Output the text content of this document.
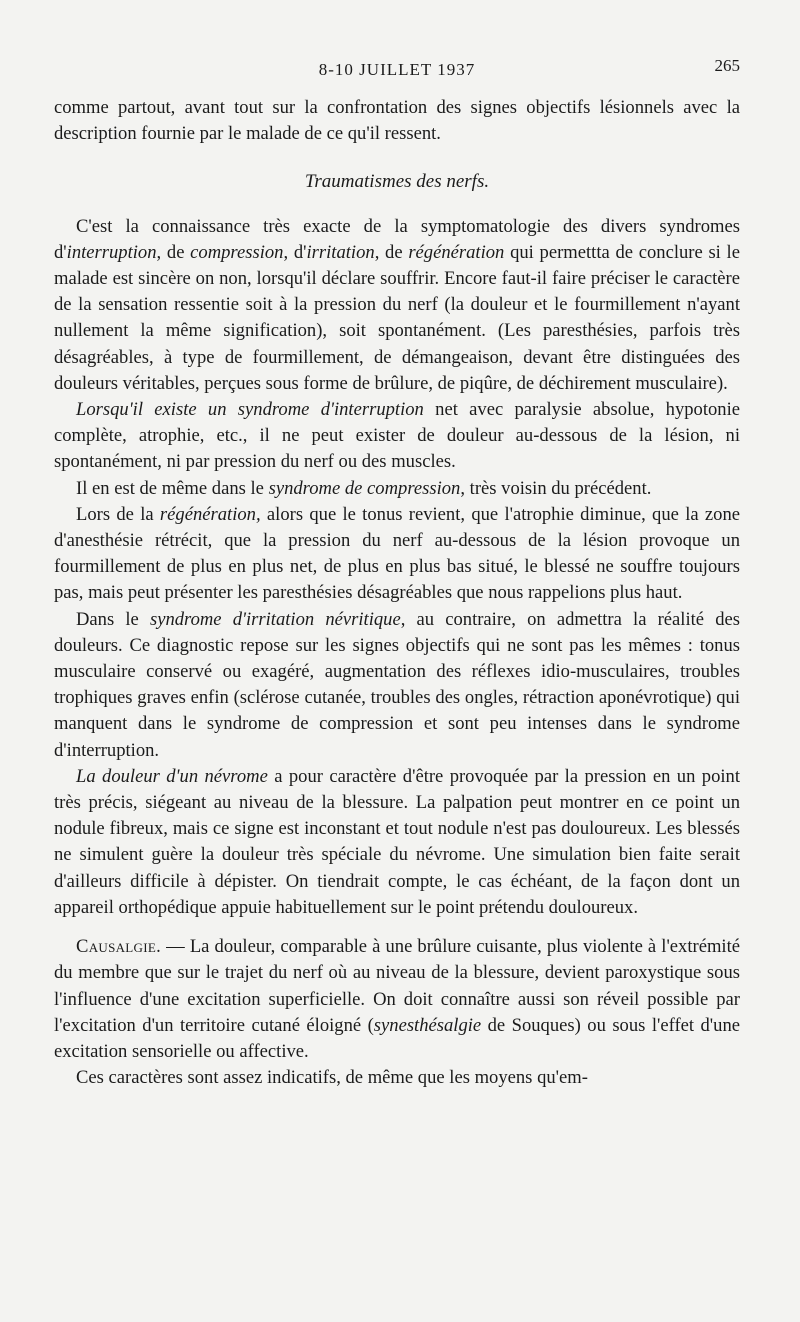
8-10 JUILLET 1937	265

comme partout, avant tout sur la confrontation des signes objectifs lésionnels avec la description fournie par le malade de ce qu'il ressent.

Traumatismes des nerfs.

C'est la connaissance très exacte de la symptomatologie des divers syndromes d'interruption, de compression, d'irritation, de régénération qui permettta de conclure si le malade est sincère on non, lorsqu'il déclare souffrir. Encore faut-il faire préciser le caractère de la sensation ressentie soit à la pression du nerf (la douleur et le fourmillement n'ayant nullement la même signification), soit spontanément. (Les paresthésies, parfois très désagréables, à type de fourmillement, de démangeaison, devant être distinguées des douleurs véritables, perçues sous forme de brûlure, de piqûre, de déchirement musculaire).

Lorsqu'il existe un syndrome d'interruption net avec paralysie absolue, hypotonie complète, atrophie, etc., il ne peut exister de douleur au-dessous de la lésion, ni spontanément, ni par pression du nerf ou des muscles.

Il en est de même dans le syndrome de compression, très voisin du précédent.

Lors de la régénération, alors que le tonus revient, que l'atrophie diminue, que la zone d'anesthésie rétrécit, que la pression du nerf au-dessous de la lésion provoque un fourmillement de plus en plus net, de plus en plus bas situé, le blessé ne souffre toujours pas, mais peut présenter les paresthésies désagréables que nous rappelions plus haut.

Dans le syndrome d'irritation névritique, au contraire, on admettra la réalité des douleurs. Ce diagnostic repose sur les signes objectifs qui ne sont pas les mêmes : tonus musculaire conservé ou exagéré, augmentation des réflexes idio-musculaires, troubles trophiques graves enfin (sclérose cutanée, troubles des ongles, rétraction aponévrotique) qui manquent dans le syndrome de compression et sont peu intenses dans le syndrome d'interruption.

La douleur d'un névrome a pour caractère d'être provoquée par la pression en un point très précis, siégeant au niveau de la blessure. La palpation peut montrer en ce point un nodule fibreux, mais ce signe est inconstant et tout nodule n'est pas douloureux. Les blessés ne simulent guère la douleur très spéciale du névrome. Une simulation bien faite serait d'ailleurs difficile à dépister. On tiendrait compte, le cas échéant, de la façon dont un appareil orthopédique appuie habituellement sur le point prétendu douloureux.

Causalgie. — La douleur, comparable à une brûlure cuisante, plus violente à l'extrémité du membre que sur le trajet du nerf où au niveau de la blessure, devient paroxystique sous l'influence d'une excitation superficielle. On doit connaître aussi son réveil possible par l'excitation d'un territoire cutané éloigné (synesthésalgie de Souques) ou sous l'effet d'une excitation sensorielle ou affective.

Ces caractères sont assez indicatifs, de même que les moyens qu'em-
